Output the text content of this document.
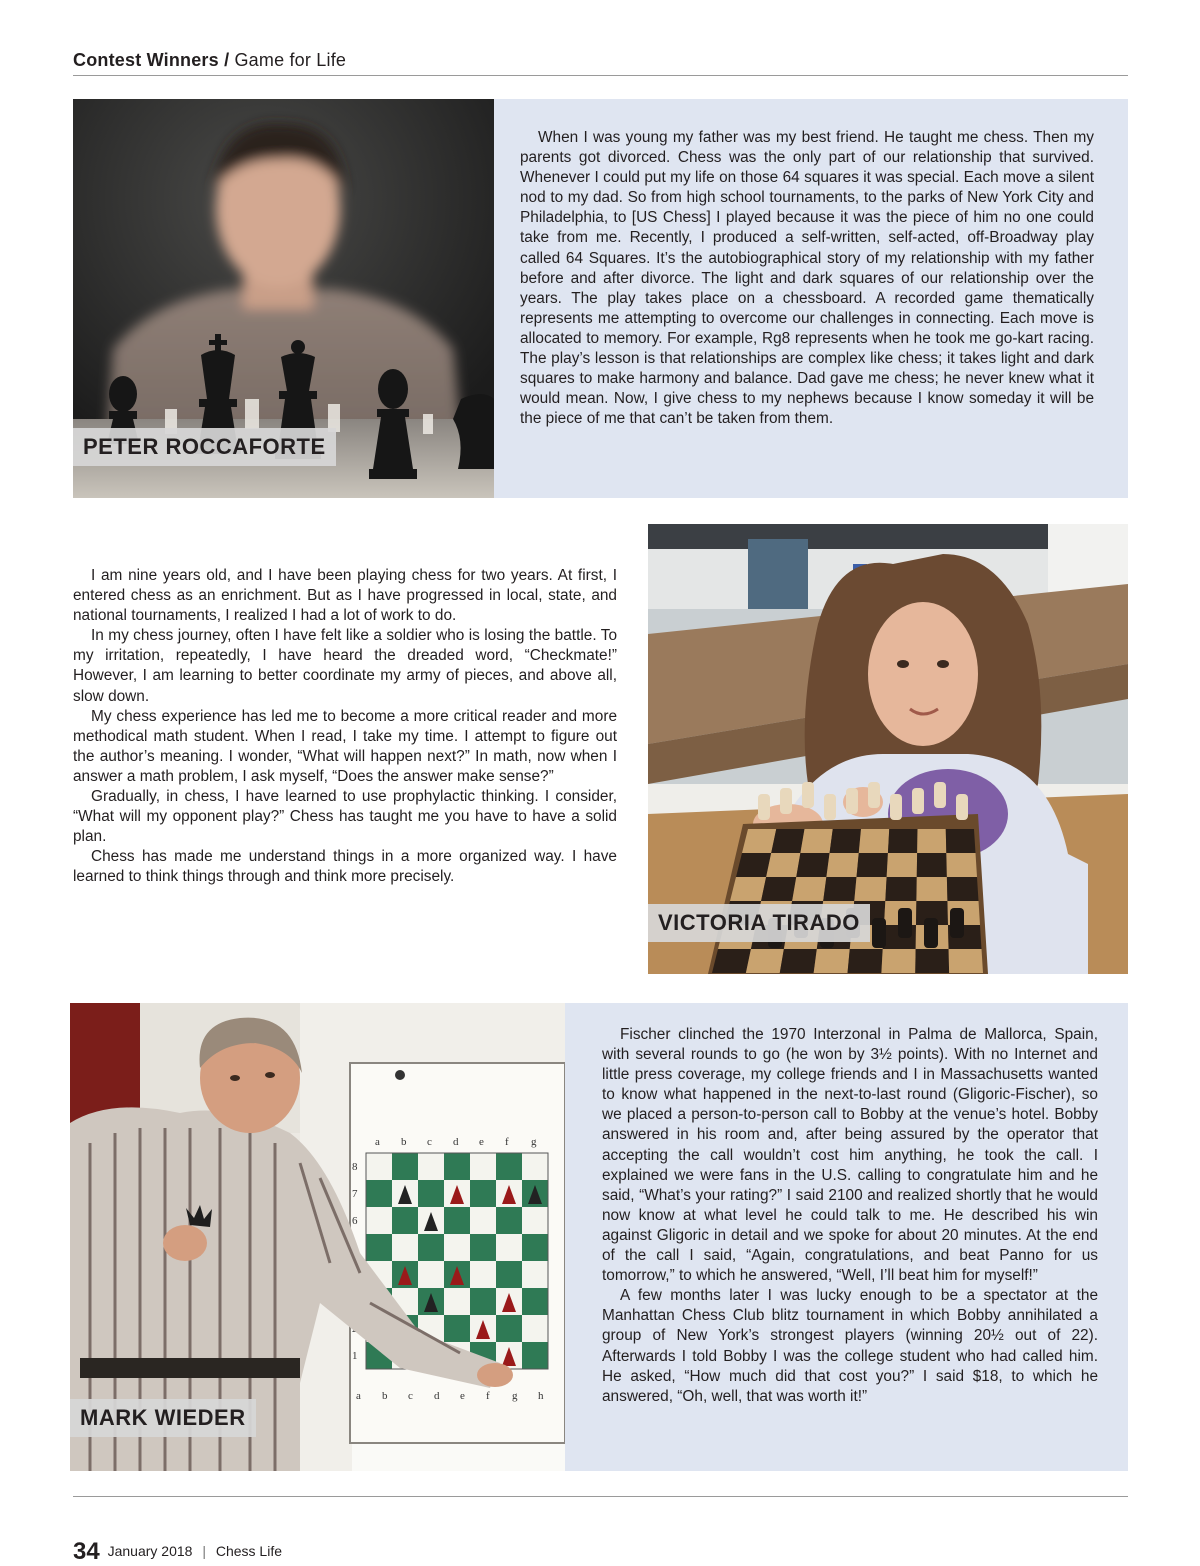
Contest Winners / Game for Life
PETER ROCCAFORTE

When I was young my father was my best friend. He taught me chess. Then my parents got divorced. Chess was the only part of our relationship that survived. Whenever I could put my life on those 64 squares it was special. Each move a silent nod to my dad. So from high school tournaments, to the parks of New York City and Philadelphia, to [US Chess] I played because it was the piece of him no one could take from me. Recently, I produced a self-written, self-acted, off-Broadway play called 64 Squares. It’s the autobiographical story of my relationship with my father before and after divorce. The light and dark squares of our relationship over the years. The play takes place on a chessboard. A recorded game thematically represents me attempting to overcome our challenges in connecting. Each move is allocated to memory. For example, Rg8 represents when he took me go-kart racing. The play’s lesson is that relationships are complex like chess; it takes light and dark squares to make harmony and balance. Dad gave me chess; he never knew what it would mean. Now, I give chess to my nephews because I know someday it will be the piece of me that can’t be taken from them.

I am nine years old, and I have been playing chess for two years. At first, I entered chess as an enrichment. But as I have progressed in local, state, and national tournaments, I realized I had a lot of work to do.

In my chess journey, often I have felt like a soldier who is losing the battle. To my irritation, repeatedly, I have heard the dreaded word, “Checkmate!” However, I am learning to better coordinate my army of pieces, and above all, slow down.

My chess experience has led me to become a more critical reader and more methodical math student. When I read, I take my time. I attempt to figure out the author’s meaning. I wonder, “What will happen next?” In math, now when I answer a math problem, I ask myself, “Does the answer make sense?”

Gradually, in chess, I have learned to use prophylactic thinking. I consider, “What will my opponent play?” Chess has taught me you have to have a solid plan.

Chess has made me understand things in a more organized way. I have learned to think things through and think more precisely.

VICTORIA TIRADO
a
a
b
b
c
c
d
d
e
e
f
f
g
g h
8
7
6
1
MARK WIEDER

Fischer clinched the 1970 Interzonal in Palma de Mallorca, Spain, with several rounds to go (he won by 3½ points). With no Internet and little press coverage, my college friends and I in Massachusetts wanted to know what happened in the next-to-last round (Gligoric-Fischer), so we placed a person-to-person call to Bobby at the venue’s hotel. Bobby answered in his room and, after being assured by the operator that accepting the call wouldn’t cost him anything, he took the call. I explained we were fans in the U.S. calling to congratulate him and he said, “What’s your rating?” I said 2100 and realized shortly that he would now know at what level he could talk to me. He described his win against Gligoric in detail and we spoke for about 20 minutes. At the end of the call I said, “Again, congratulations, and beat Panno for us tomorrow,” to which he answered, “Well, I’ll beat him for myself!”

A few months later I was lucky enough to be a spectator at the Manhattan Chess Club blitz tournament in which Bobby annihilated a group of New York’s strongest players (winning 20½ out of 22). Afterwards I told Bobby I was the college student who had called him. He asked, “How much did that cost you?” I said $18, to which he answered, “Oh, well, that was worth it!”

34 January 2018 | Chess Life
